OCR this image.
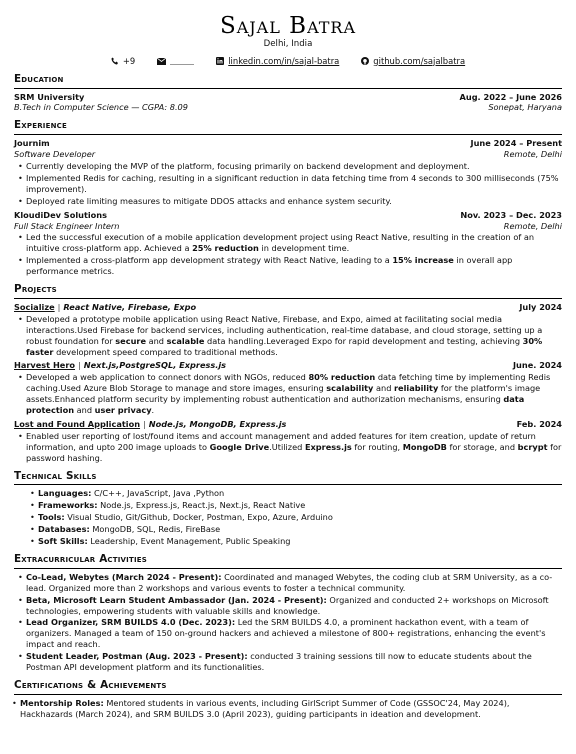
Sajal Batra
Delhi, India
+9	linkedin.com/in/sajal-batra	github.com/sajalbatra
Education
SRM University	Aug. 2022 – June 2026
B.Tech in Computer Science — CGPA: 8.09	Sonepat, Haryana
Experience
Journim	June 2024 – Present
Software Developer	Remote, Delhi
• Currently developing the MVP of the platform, focusing primarily on backend development and deployment.
• Implemented Redis for caching, resulting in a significant reduction in data fetching time from 4 seconds to 300 milliseconds (75% improvement).
• Deployed rate limiting measures to mitigate DDOS attacks and enhance system security.
KloudiDev Solutions	Nov. 2023 – Dec. 2023
Full Stack Engineer Intern	Remote, Delhi
• Led the successful execution of a mobile application development project using React Native, resulting in the creation of an intuitive cross-platform app. Achieved a 25% reduction in development time.
• Implemented a cross-platform app development strategy with React Native, leading to a 15% increase in overall app performance metrics.
Projects
Socialize | React Native, Firebase, Expo	July 2024
• Developed a prototype mobile application using React Native, Firebase, and Expo, aimed at facilitating social media interactions.Used Firebase for backend services, including authentication, real-time database, and cloud storage, setting up a robust foundation for secure and scalable data handling.Leveraged Expo for rapid development and testing, achieving 30% faster development speed compared to traditional methods.
Harvest Hero | Next.js,PostgreSQL, Express.js	June. 2024
• Developed a web application to connect donors with NGOs, reduced 80% reduction data fetching time by implementing Redis caching.Used Azure Blob Storage to manage and store images, ensuring scalability and reliability for the platform's image assets.Enhanced platform security by implementing robust authentication and authorization mechanisms, ensuring data protection and user privacy.
Lost and Found Application | Node.js, MongoDB, Express.js	Feb. 2024
• Enabled user reporting of lost/found items and account management and added features for item creation, update of return information, and upto 200 image uploads to Google Drive.Utilized Express.js for routing, MongoDB for storage, and bcrypt for password hashing.
Technical Skills
• Languages: C/C++, JavaScript, Java ,Python
• Frameworks: Node.js, Express.js, React.js, Next.js, React Native
• Tools: Visual Studio, Git/Github, Docker, Postman, Expo, Azure, Arduino
• Databases: MongoDB, SQL, Redis, FireBase
• Soft Skills: Leadership, Event Management, Public Speaking
Extracurricular Activities
• Co-Lead, Webytes (March 2024 - Present): Coordinated and managed Webytes, the coding club at SRM University, as a co-lead. Organized more than 2 workshops and various events to foster a technical community.
• Beta, Microsoft Learn Student Ambassador (Jan. 2024 - Present): Organized and conducted 2+ workshops on Microsoft technologies, empowering students with valuable skills and knowledge.
• Lead Organizer, SRM BUILDS 4.0 (Dec. 2023): Led the SRM BUILDS 4.0, a prominent hackathon event, with a team of organizers. Managed a team of 150 on-ground hackers and achieved a milestone of 800+ registrations, enhancing the event's impact and reach.
• Student Leader, Postman (Aug. 2023 - Present): conducted 3 training sessions till now to educate students about the Postman API development platform and its functionalities.
Certifications & Achievements
• Mentorship Roles: Mentored students in various events, including GirlScript Summer of Code (GSSOC'24, May 2024), Hackhazards (March 2024), and SRM BUILDS 3.0 (April 2023), guiding participants in ideation and development.
